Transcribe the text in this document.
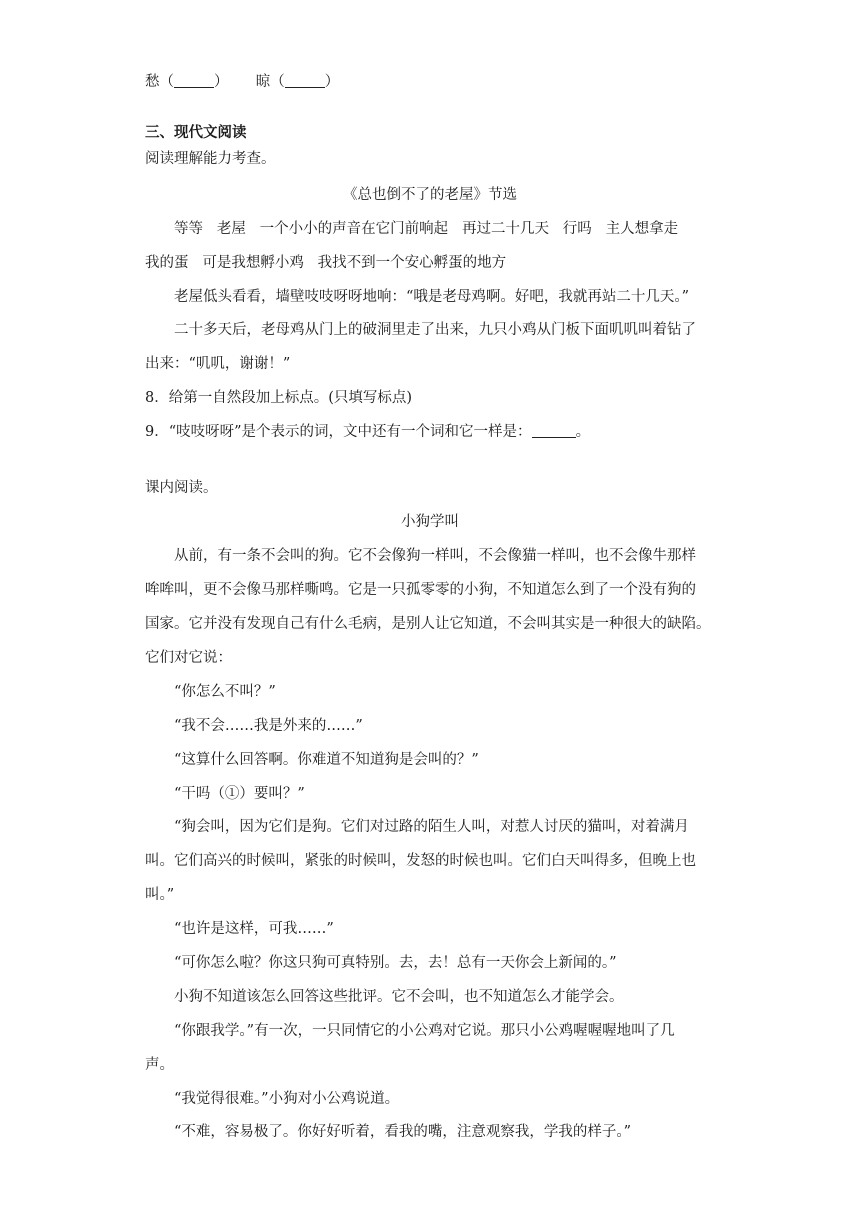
愁（	） 晾（	）
三、现代文阅读
阅读理解能力考查。
《总也倒不了的老屋》节选
等等   老屋   一个小小的声音在它门前响起   再过二十几天   行吗   主人想拿走
我的蛋   可是我想孵小鸡   我找不到一个安心孵蛋的地方
老屋低头看看，墙壁吱吱呀呀地响：“哦是老母鸡啊。好吧，我就再站二十几天。”
二十多天后，老母鸡从门上的破洞里走了出来，九只小鸡从门板下面叽叽叫着钻了
出来：“叽叽，谢谢！”
8．给第一自然段加上标点。(只填写标点)
9．“吱吱呀呀”是个表示的词，文中还有一个词和它一样是：	。
课内阅读。
小狗学叫
从前，有一条不会叫的狗。它不会像狗一样叫，不会像猫一样叫，也不会像牛那样
哞哞叫，更不会像马那样嘶鸣。它是一只孤零零的小狗，不知道怎么到了一个没有狗的
国家。它并没有发现自己有什么毛病，是别人让它知道，不会叫其实是一种很大的缺陷。
它们对它说：
“你怎么不叫？”
“我不会……我是外来的……”
“这算什么回答啊。你难道不知道狗是会叫的？”
“干吗（①）要叫？”
“狗会叫，因为它们是狗。它们对过路的陌生人叫，对惹人讨厌的猫叫，对着满月
叫。它们高兴的时候叫，紧张的时候叫，发怒的时候也叫。它们白天叫得多，但晚上也
叫。”
“也许是这样，可我……”
“可你怎么啦？你这只狗可真特别。去，去！总有一天你会上新闻的。”
小狗不知道该怎么回答这些批评。它不会叫，也不知道怎么才能学会。
“你跟我学。”有一次，一只同情它的小公鸡对它说。那只小公鸡喔喔喔地叫了几
声。
“我觉得很难。”小狗对小公鸡说道。
“不难，容易极了。你好好听着，看我的嘴，注意观察我，学我的样子。”
